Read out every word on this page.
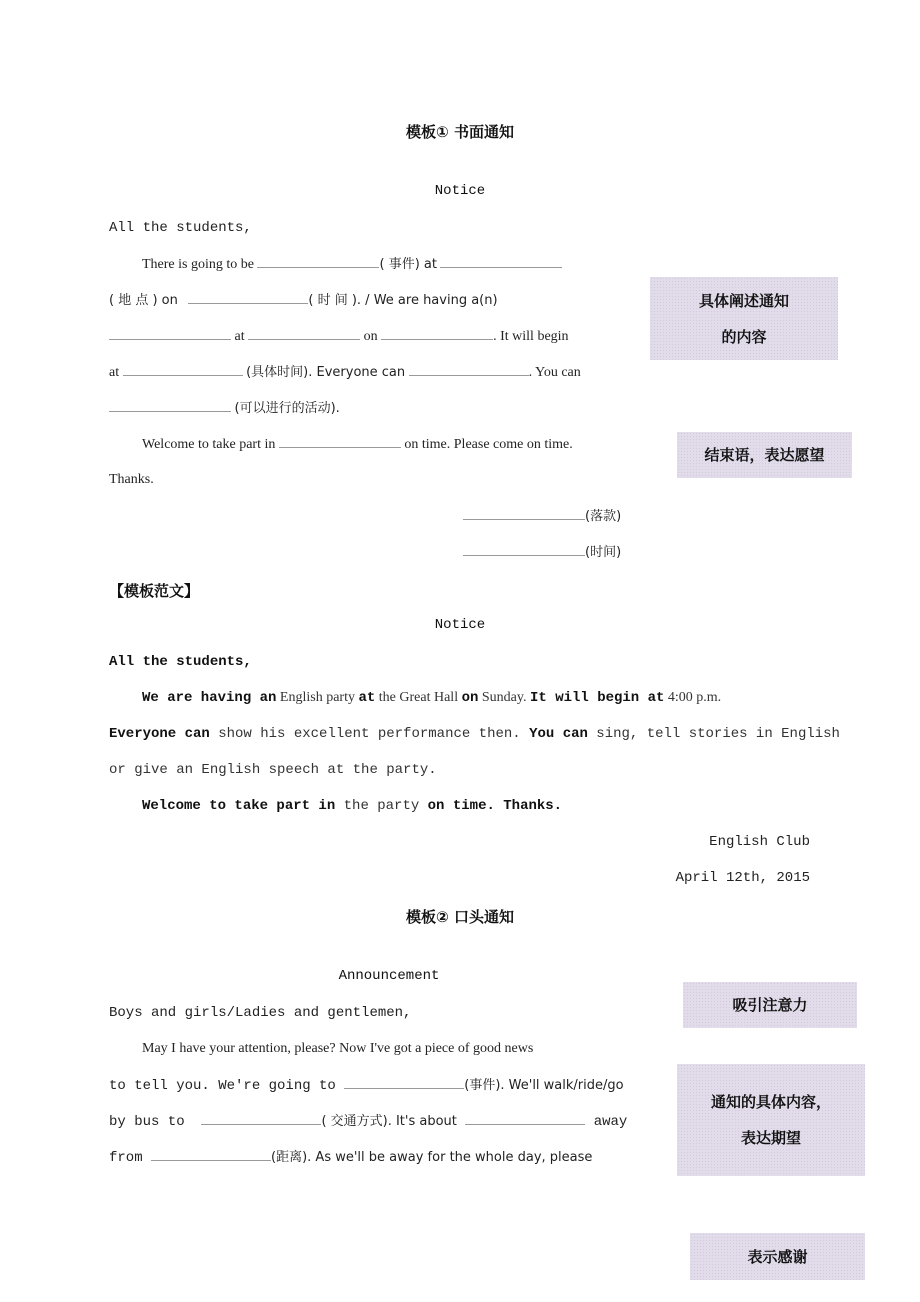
模板① 书面通知
Notice
All the students,
There is going to be	( 事件) at
( 地 点 ) on	( 时 间 ). / We are having a(n)
at	on	. It will begin
at	(具体时间). Everyone can	. You can
(可以进行的活动).
Welcome to take part in	on time. Please come on time.
Thanks.
(落款)
(时间)
具体阐述通知
的内容
结束语，表达愿望
【模板范文】
Notice
All the students,
We are having an English party at the Great Hall on Sunday. It will begin at 4:00 p.m.
Everyone can show his excellent performance then. You can sing, tell stories in English
or give an English speech at the party.
Welcome to take part in the party on time. Thanks.
English Club
April 12th, 2015
模板② 口头通知
Announcement
Boys and girls/Ladies and gentlemen,
May I have your attention, please? Now I've got a piece of good news
to tell you. We're going to	(事件). We'll walk/ride/go
by bus to	( 交通方式). It's about	away
from	(距离). As we'll be away for the whole day, please
吸引注意力
通知的具体内容，
表达期望
表示感谢
